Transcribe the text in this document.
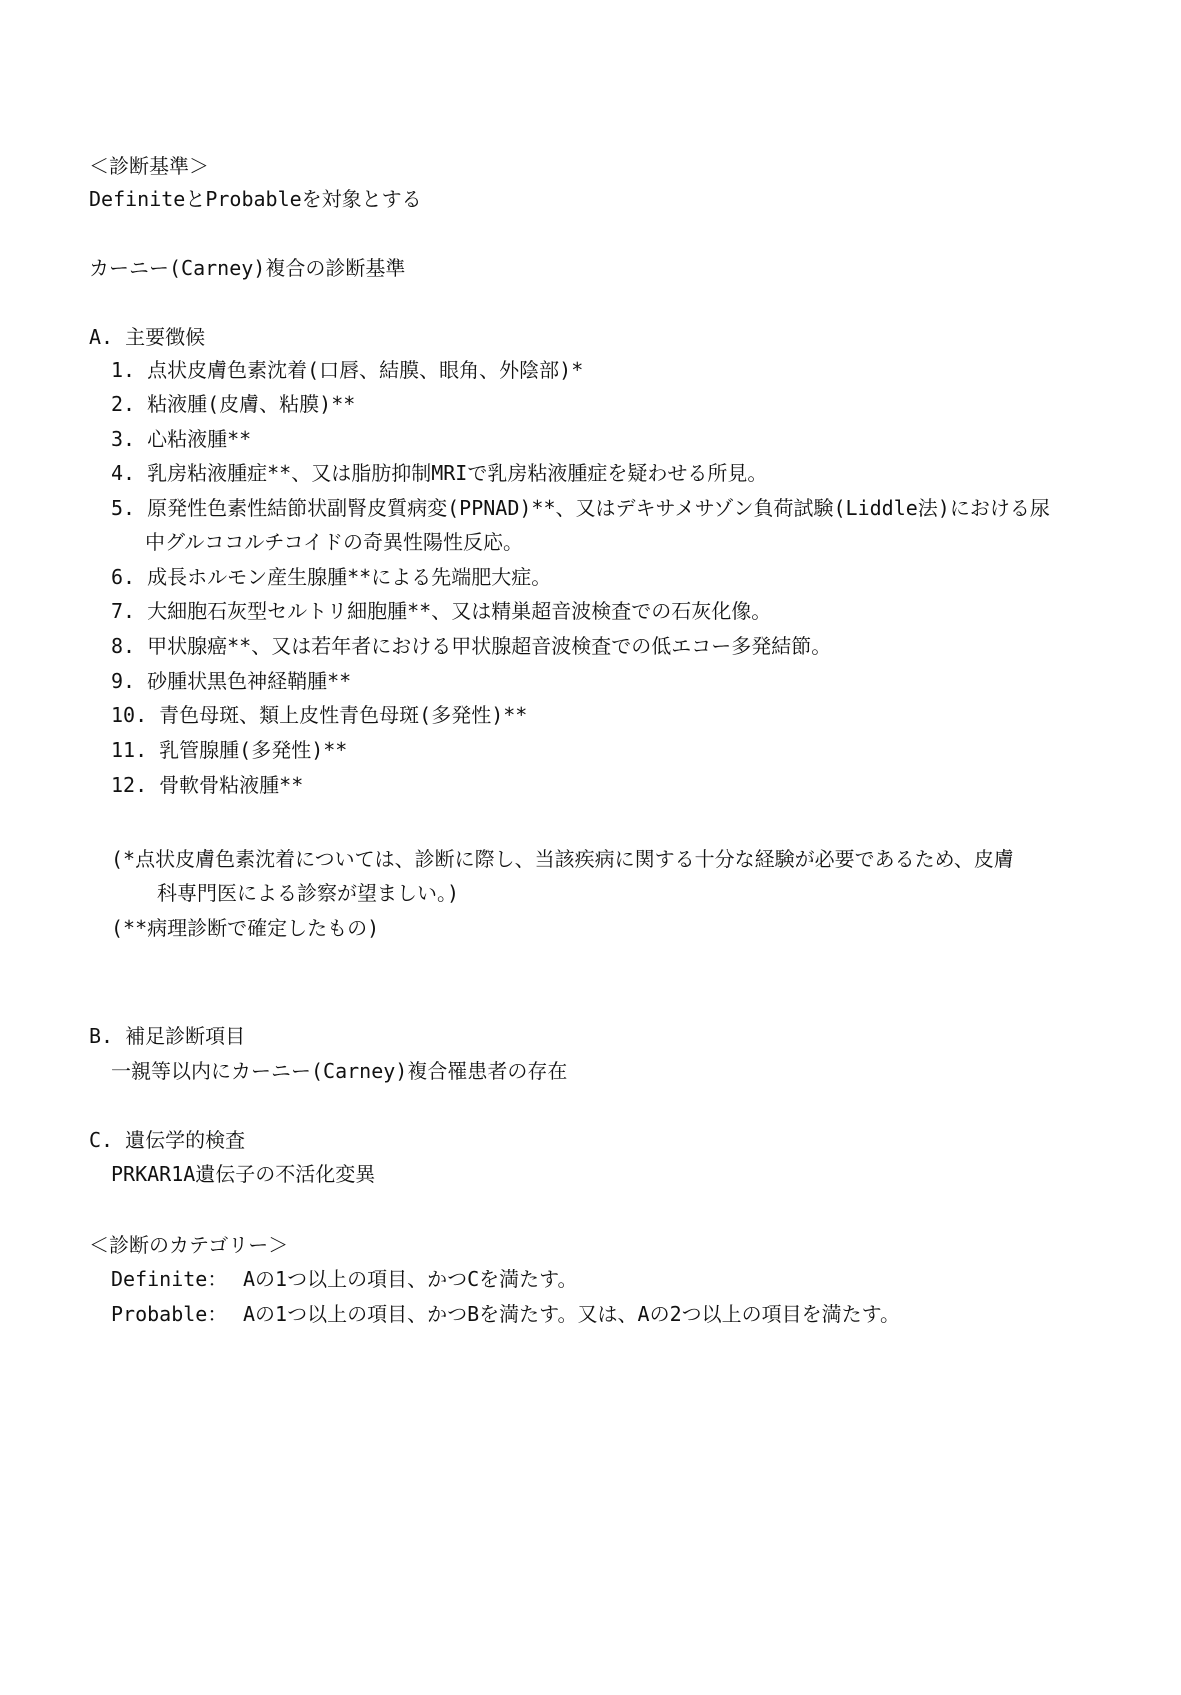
＜診断基準＞
DefiniteとProbableを対象とする
カーニー(Carney)複合の診断基準
A. 主要徴候
1. 点状皮膚色素沈着(口唇、結膜、眼角、外陰部)*
2. 粘液腫(皮膚、粘膜)**
3. 心粘液腫**
4. 乳房粘液腫症**、又は脂肪抑制MRIで乳房粘液腫症を疑わせる所見。
5. 原発性色素性結節状副腎皮質病変(PPNAD)**、又はデキサメサゾン負荷試験(Liddle法)における尿
中グルココルチコイドの奇異性陽性反応。
6. 成長ホルモン産生腺腫**による先端肥大症。
7. 大細胞石灰型セルトリ細胞腫**、又は精巣超音波検査での石灰化像。
8. 甲状腺癌**、又は若年者における甲状腺超音波検査での低エコー多発結節。
9. 砂腫状黒色神経鞘腫**
10. 青色母斑、類上皮性青色母斑(多発性)**
11. 乳管腺腫(多発性)**
12. 骨軟骨粘液腫**
(*点状皮膚色素沈着については、診断に際し、当該疾病に関する十分な経験が必要であるため、皮膚
科専門医による診察が望ましい。)
(**病理診断で確定したもの)
B. 補足診断項目
一親等以内にカーニー(Carney)複合罹患者の存在
C. 遺伝学的検査
PRKAR1A遺伝子の不活化変異
＜診断のカテゴリー＞
Definite： Aの1つ以上の項目、かつCを満たす。
Probable： Aの1つ以上の項目、かつBを満たす。又は、Aの2つ以上の項目を満たす。
